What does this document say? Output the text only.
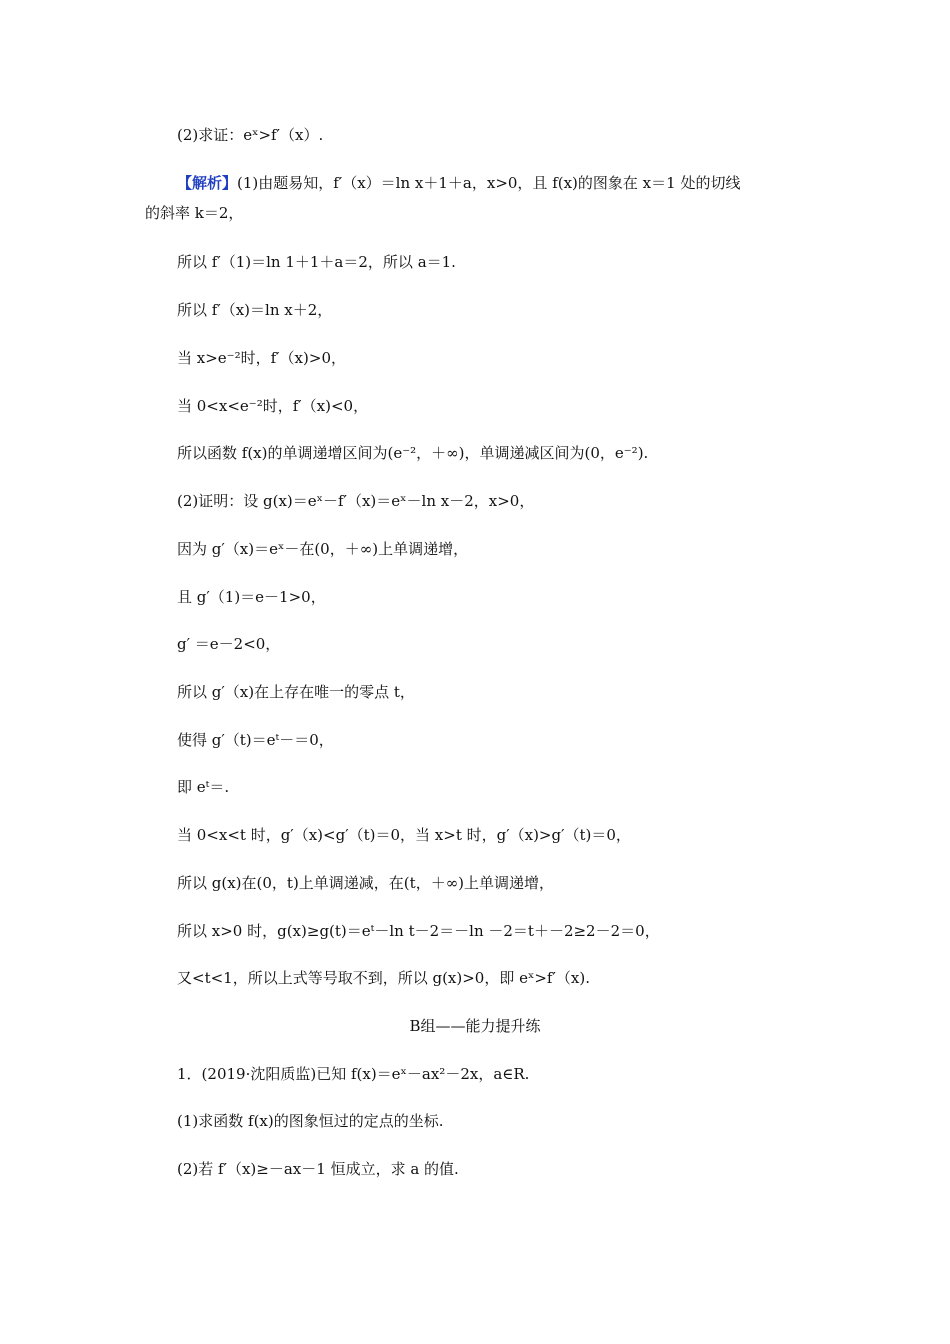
(2)求证：eˣ>f′（x）.
【解析】(1)由题易知，f′（x）＝ln x＋1＋a，x>0，且 f(x)的图象在 x＝1 处的切线
的斜率 k＝2，
所以 f′（1)＝ln 1＋1＋a＝2，所以 a＝1.
所以 f′（x)＝ln x＋2，
当 x>e⁻²时，f′（x)>0，
当 0<x<e⁻²时，f′（x)<0，
所以函数 f(x)的单调递增区间为(e⁻²，＋∞)，单调递减区间为(0，e⁻²).
(2)证明：设 g(x)＝eˣ－f′（x)＝eˣ－ln x－2，x>0，
因为 g′（x)＝eˣ－在(0，＋∞)上单调递增，
且 g′（1)＝e－1>0，
g′ ＝e－2<0，
所以 g′（x)在上存在唯一的零点 t，
使得 g′（t)＝eᵗ－＝0，
即 eᵗ＝.
当 0<x<t 时，g′（x)<g′（t)＝0，当 x>t 时，g′（x)>g′（t)＝0，
所以 g(x)在(0，t)上单调递减，在(t，＋∞)上单调递增，
所以 x>0 时，g(x)≥g(t)＝eᵗ－ln t－2＝－ln －2＝t＋－2≥2－2＝0，
又<t<1，所以上式等号取不到，所以 g(x)>0，即 eˣ>f′（x).
B组——能力提升练
1．(2019·沈阳质监)已知 f(x)＝eˣ－ax²－2x，a∈R.
(1)求函数 f(x)的图象恒过的定点的坐标.
(2)若 f′（x)≥－ax－1 恒成立，求 a 的值.
